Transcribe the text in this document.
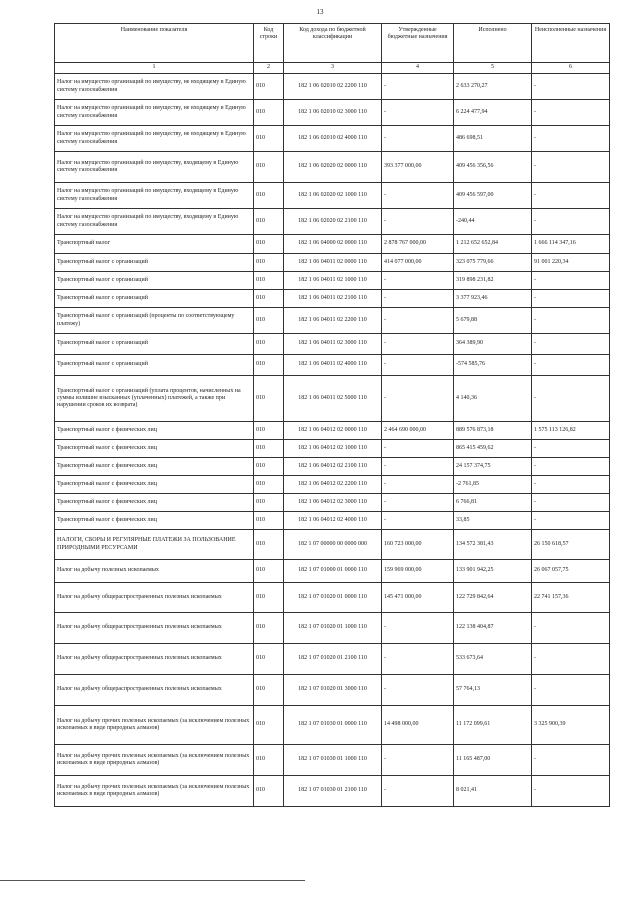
13
Наименование показателя	Код строки	Код дохода по бюджетной классификации	Утвержденные бюджетные назначения	Исполнено	Неисполненные назначения
1	2	3	4	5	6
Налог на имущество организаций по имуществу, не входящему в Единую систему газоснабжения	010	182 1 06 02010 02 2200 110	-	2 633 270,27	-
Налог на имущество организаций по имуществу, не входящему в Единую систему газоснабжения	010	182 1 06 02010 02 3000 110	-	6 224 477,94	-
Налог на имущество организаций по имуществу, не входящему в Единую систему газоснабжения	010	182 1 06 02010 02 4000 110	-	486 698,51	-
Налог на имущество организаций по имуществу, входящему в Единую систему газоснабжения	010	182 1 06 02020 02 0000 110	393 377 000,00	409 456 356,56	-
Налог на имущество организаций по имуществу, входящему в Единую систему газоснабжения	010	182 1 06 02020 02 1000 110	-	409 456 597,00	-
Налог на имущество организаций по имуществу, входящему в Единую систему газоснабжения	010	182 1 06 02020 02 2100 110	-	-240,44	-
Транспортный налог	010	182 1 06 04000 02 0000 110	2 878 767 000,00	1 212 652 652,84	1 666 114 347,16
Транспортный налог с организаций	010	182 1 06 04011 02 0000 110	414 077 000,00	323 075 779,66	91 001 220,34
Транспортный налог с организаций	010	182 1 06 04011 02 1000 110	-	319 898 231,82	-
Транспортный налог с организаций	010	182 1 06 04011 02 2100 110	-	3 377 923,46	-
Транспортный налог с организаций (проценты по соответствующему платежу)	010	182 1 06 04011 02 2200 110	-	5 679,88	-
Транспортный налог с организаций	010	182 1 06 04011 02 3000 110	-	364 389,90	-
Транспортный налог с организаций	010	182 1 06 04011 02 4000 110	-	-574 585,76	-
Транспортный налог с организаций (уплата процентов, начисленных на суммы излишне взысканных (уплаченных) платежей, а также при нарушении сроков их возврата)	010	182 1 06 04011 02 5000 110	-	4 140,36	-
Транспортный налог с физических лиц	010	182 1 06 04012 02 0000 110	2 464 690 000,00	889 576 873,18	1 575 113 126,82
Транспортный налог с физических лиц	010	182 1 06 04012 02 1000 110	-	865 415 459,62	-
Транспортный налог с физических лиц	010	182 1 06 04012 02 2100 110	-	24 157 374,75	-
Транспортный налог с физических лиц	010	182 1 06 04012 02 2200 110	-	-2 761,85	-
Транспортный налог с физических лиц	010	182 1 06 04012 02 3000 110	-	6 766,81	-
Транспортный налог с физических лиц	010	182 1 06 04012 02 4000 110	-	33,85	-
НАЛОГИ, СБОРЫ И РЕГУЛЯРНЫЕ ПЛАТЕЖИ ЗА ПОЛЬЗОВАНИЕ ПРИРОДНЫМИ РЕСУРСАМИ	010	182 1 07 00000 00 0000 000	160 723 000,00	134 572 381,43	26 150 618,57
Налог на добычу полезных ископаемых	010	182 1 07 01000 01 0000 110	159 969 000,00	133 901 942,25	26 067 057,75
Налог на добычу общераспространенных полезных ископаемых	010	182 1 07 01020 01 0000 110	145 471 000,00	122 729 842,64	22 741 157,36
Налог на добычу общераспространенных полезных ископаемых	010	182 1 07 01020 01 1000 110	-	122 138 404,87	-
Налог на добычу общераспространенных полезных ископаемых	010	182 1 07 01020 01 2100 110	-	533 673,64	-
Налог на добычу общераспространенных полезных ископаемых	010	182 1 07 01020 01 3000 110	-	57 764,13	-
Налог на добычу прочих полезных ископаемых (за исключением полезных ископаемых в виде природных алмазов)	010	182 1 07 01030 01 0000 110	14 498 000,00	11 172 099,61	3 325 900,39
Налог на добычу прочих полезных ископаемых (за исключением полезных ископаемых в виде природных алмазов)	010	182 1 07 01030 01 1000 110	-	11 165 487,00	-
Налог на добычу прочих полезных ископаемых (за исключением полезных ископаемых в виде природных алмазов)	010	182 1 07 01030 01 2100 110	-	8 021,41	-
